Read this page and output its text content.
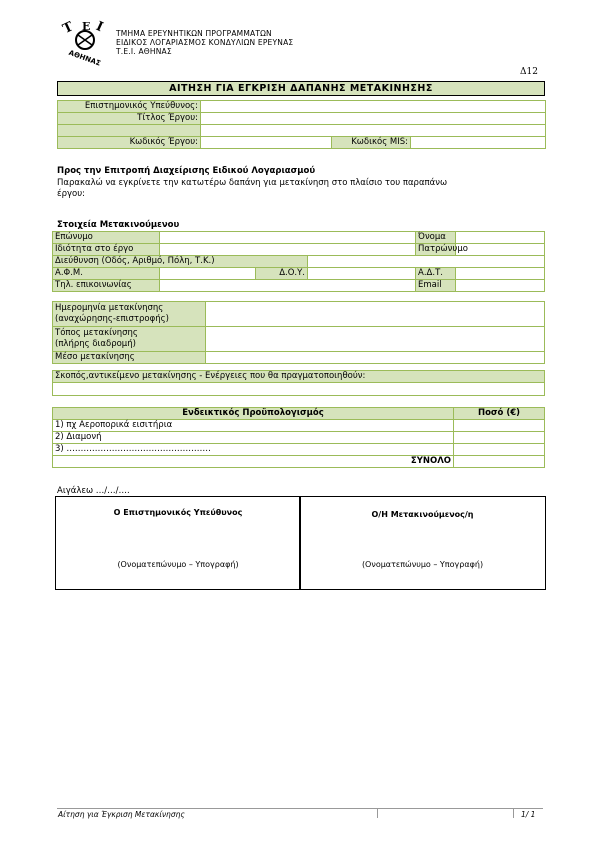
T I
E
ΑΘΗΝΑΣ
ΤΜΗΜΑ ΕΡΕΥΝΗΤΙΚΩΝ ΠΡΟΓΡΑΜΜΑΤΩΝ
ΕΙΔΙΚΟΣ ΛΟΓΑΡΙΑΣΜΟΣ ΚΟΝΔΥΛΙΩΝ ΕΡΕΥΝΑΣ
Τ.Ε.Ι. ΑΘΗΝΑΣ
Δ12
ΑΙΤΗΣΗ ΓΙΑ ΕΓΚΡΙΣΗ ΔΑΠΑΝΗΣ ΜΕΤΑΚΙΝΗΣΗΣ
Επιστημονικός Υπεύθυνος:			
Τίτλος Έργου:			

Κωδικός Έργου:		Κωδικός MIS:	
Προς την Επιτροπή Διαχείρισης Ειδικού Λογαριασμού
Παρακαλώ να εγκρίνετε την κατωτέρω δαπάνη για μετακίνηση στο πλαίσιο του παραπάνω
έργου:
Στοιχεία Μετακινούμενου
Επώνυμο				Όνομα	
Ιδιότητα στο έργο				Πατρώνυμο	
Διεύθυνση (Οδός, Αριθμό, Πόλη, Τ.Κ.)					
Α.Φ.Μ.		Δ.Ο.Υ.		Α.Δ.Τ.	
Τηλ. επικοινωνίας				Email	
Ημερομηνία μετακίνησης
(αναχώρησης-επιστροφής)	

Τόπος μετακίνησης
(πλήρης διαδρομή)	

Μέσο μετακίνησης	
Σκοπός,αντικείμενο μετακίνησης - Ενέργειες που θα πραγματοποιηθούν:

Ενδεικτικός Προϋπολογισμός	Ποσό (€)
1) πχ Αεροπορικά εισιτήρια	
2) Διαμονή	
3) ……………………………………………	
ΣΥΝΟΛΟ	
Αιγάλεω …/…/….
Ο Επιστημονικός Υπεύθυνος
(Ονοματεπώνυμο – Υπογραφή)
Ο/Η Μετακινούμενος/η
(Ονοματεπώνυμο – Υπογραφή)
Αίτηση για Έγκριση Μετακίνησης	1/ 1
